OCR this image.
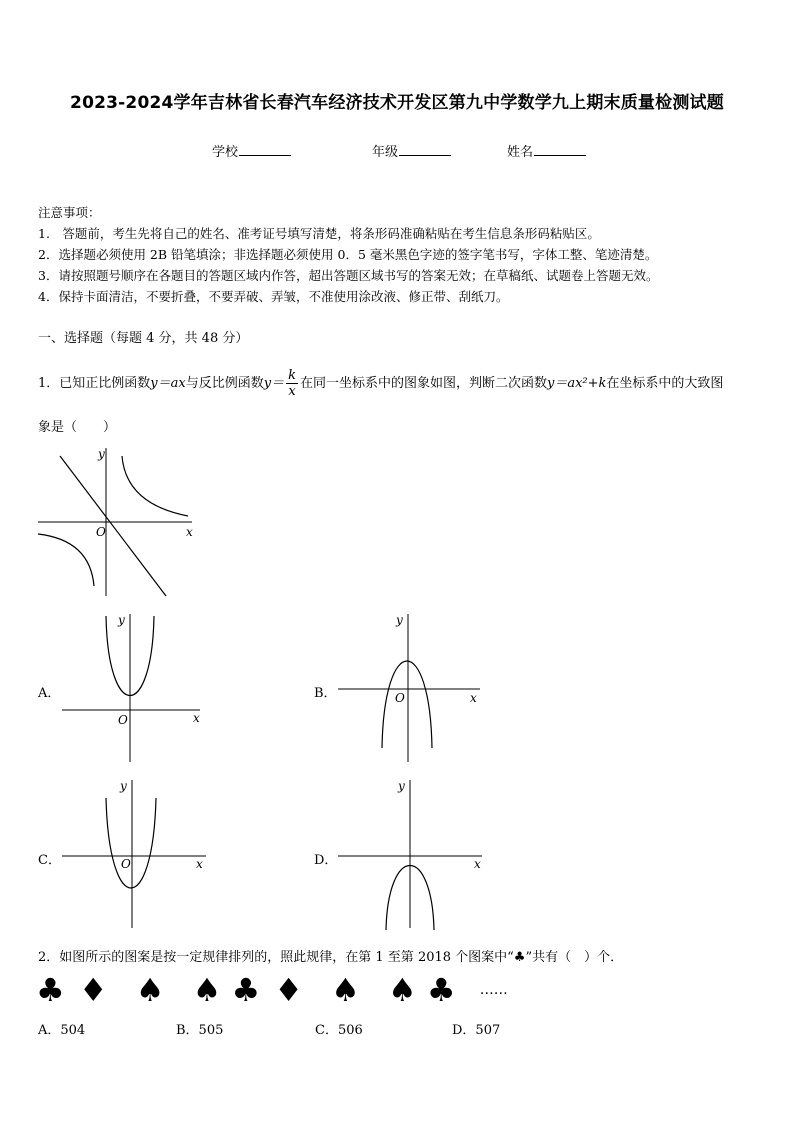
2023-2024学年吉林省长春汽车经济技术开发区第九中学数学九上期末质量检测试题
学校	年级	姓名
注意事项：
1.　答题前，考生先将自己的姓名、准考证号填写清楚，将条形码准确粘贴在考生信息条形码粘贴区。
2．选择题必须使用 2B 铅笔填涂；非选择题必须使用 0．5 毫米黑色字迹的签字笔书写，字体工整、笔迹清楚。
3．请按照题号顺序在各题目的答题区域内作答，超出答题区域书写的答案无效；在草稿纸、试题卷上答题无效。
4．保持卡面清洁，不要折叠，不要弄破、弄皱，不准使用涂改液、修正带、刮纸刀。
一、选择题（每题 4 分，共 48 分）
1．已知正比例函数y＝ax与反比例函数$y= \frac{k}{x}$ 在同一坐标系中的图象如图，判断二次函数y＝ax²+k在坐标系中的大致图
象是（　　）
y
x
O
A．
y
x
O
B．
y
x
O
C．
y
x
O	D．
y
x
2．如图所示的图案是按一定规律排列的，照此规律，在第 1 至第 2018 个图案中“♣”共有（　）个．
♣ ♦ ♠ ♠ ♣ ♦ ♠ ♠ ♣ ……
A．504	B．505	C．506	D．507
